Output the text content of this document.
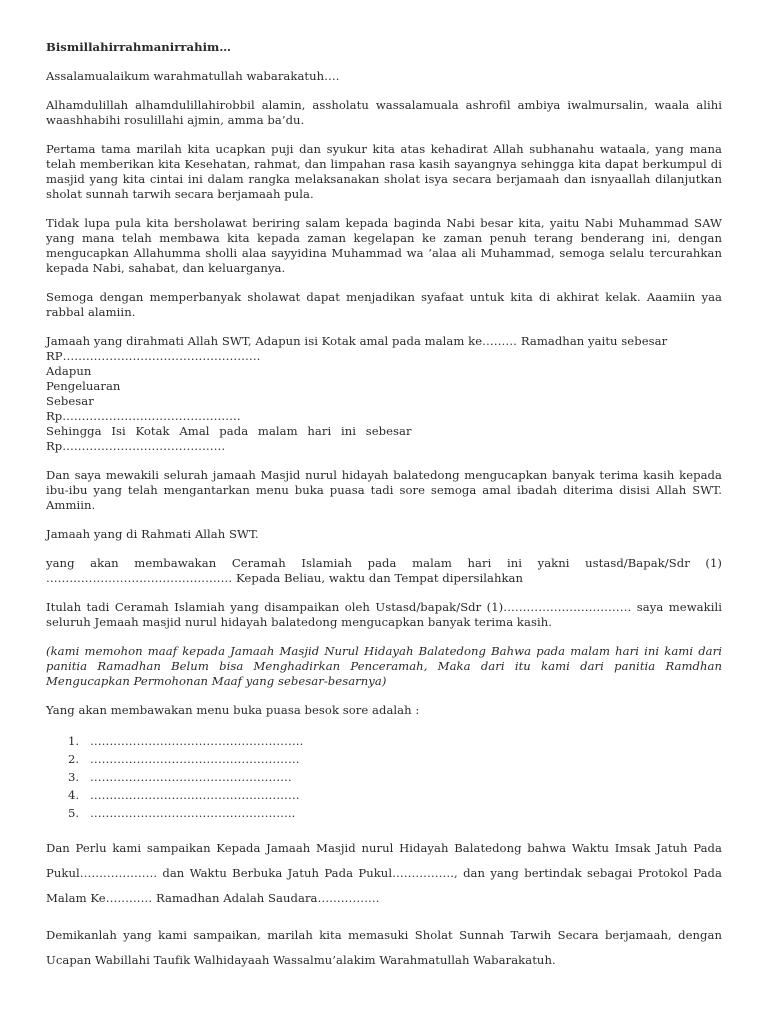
Bismillahirrahmanirrahim…

Assalamualaikum warahmatullah wabarakatuh….

Alhamdulillah alhamdulillahirobbil alamin, assholatu wassalamuala ashrofil ambiya iwalmursalin, waala alihi waashhabihi rosulillahi ajmin, amma ba’du.

Pertama tama marilah kita ucapkan puji dan syukur kita atas kehadirat Allah subhanahu wataala, yang mana telah memberikan kita Kesehatan, rahmat, dan limpahan rasa kasih sayangnya sehingga kita dapat berkumpul di masjid yang kita cintai ini dalam rangka melaksanakan sholat isya secara berjamaah dan isnyaallah dilanjutkan sholat sunnah tarwih secara berjamaah pula.

Tidak lupa pula kita bersholawat beriring salam kepada baginda Nabi besar kita, yaitu Nabi Muhammad SAW yang mana telah membawa kita kepada zaman kegelapan ke zaman penuh terang benderang ini, dengan mengucapkan Allahumma sholli alaa sayyidina Muhammad wa ‘alaa ali Muhammad, semoga selalu tercurahkan kepada Nabi, sahabat, dan keluarganya.

Semoga dengan memperbanyak sholawat dapat menjadikan syafaat untuk kita di akhirat kelak. Aaamiin yaa rabbal alamiin.

Jamaah yang dirahmati Allah SWT, Adapun isi Kotak amal pada malam ke……… Ramadhan yaitu sebesar
RP……………………………………………
Adapun
Pengeluaran
Sebesar
Rp……………………………………….
Sehingga Isi Kotak Amal pada malam hari ini sebesar
Rp……………………………………

Dan saya mewakili selurah jamaah Masjid nurul hidayah balatedong mengucapkan banyak terima kasih kepada ibu-ibu yang telah mengantarkan menu buka puasa tadi sore semoga amal ibadah diterima disisi Allah SWT. Ammiin.

Jamaah yang di Rahmati Allah SWT.

yang akan membawakan Ceramah Islamiah pada malam hari ini yakni ustasd/Bapak/Sdr (1)
………………………………………… Kepada Beliau, waktu dan Tempat dipersilahkan

Itulah tadi Ceramah Islamiah yang disampaikan oleh Ustasd/bapak/Sdr (1)…………………………… saya mewakili seluruh Jemaah masjid nurul hidayah balatedong mengucapkan banyak terima kasih.

(kami memohon maaf kepada Jamaah Masjid Nurul Hidayah Balatedong Bahwa pada malam hari ini kami dari panitia Ramadhan Belum bisa Menghadirkan Penceramah, Maka dari itu kami dari panitia Ramdhan Mengucapkan Permohonan Maaf yang sebesar-besarnya)

Yang akan membawakan menu buka puasa besok sore adalah :

1. ……………………………………………….
2. ………………………………………………
3. …………………………………………….
4. ………………………………………………
5. ……………………………………………..

Dan Perlu kami sampaikan Kepada Jamaah Masjid nurul Hidayah Balatedong bahwa Waktu Imsak Jatuh Pada Pukul……………….. dan Waktu Berbuka Jatuh Pada Pukul……………., dan yang bertindak sebagai Protokol Pada Malam Ke………… Ramadhan Adalah Saudara…………….

Demikanlah yang kami sampaikan, marilah kita memasuki Sholat Sunnah Tarwih Secara berjamaah, dengan Ucapan Wabillahi Taufik Walhidayaah Wassalmu’alakim Warahmatullah Wabarakatuh.
